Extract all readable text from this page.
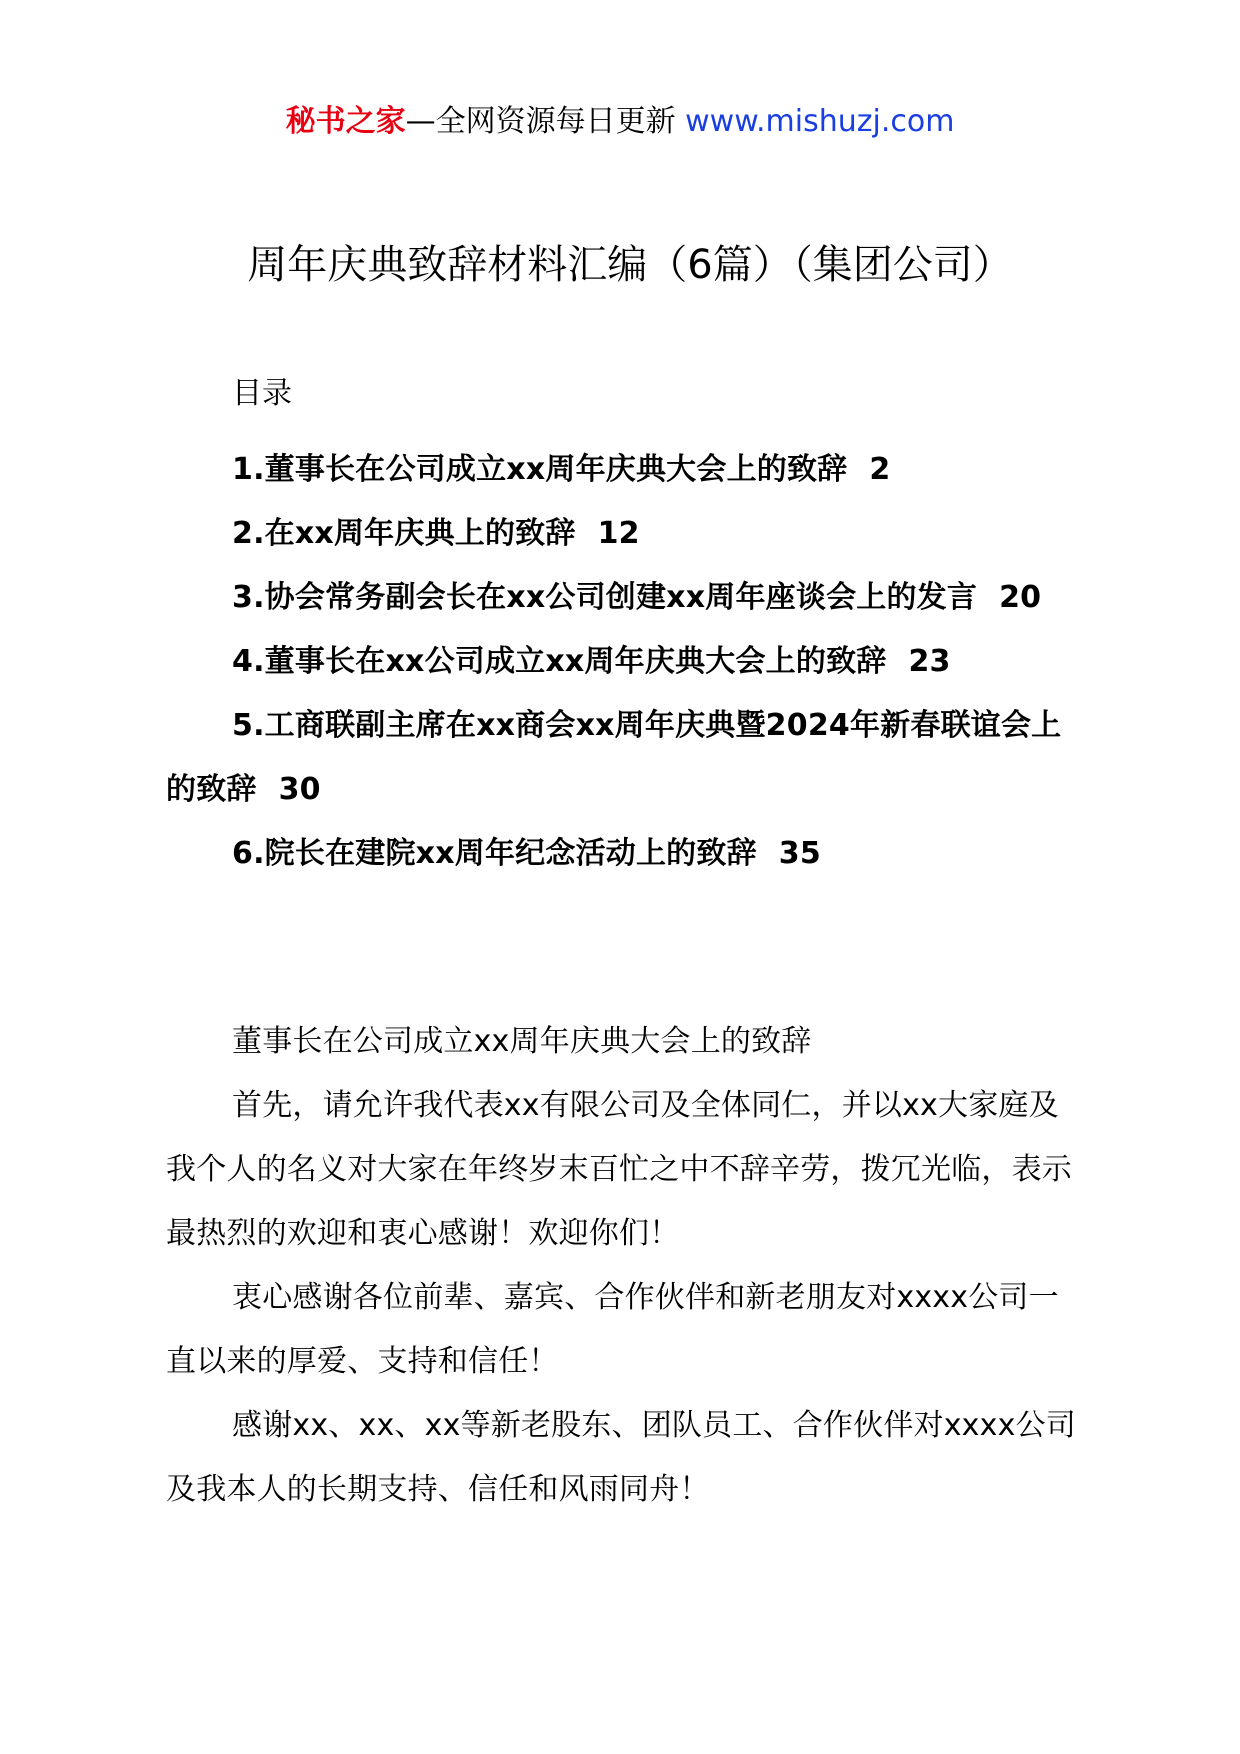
秘书之家—全网资源每日更新 www.mishuzj.com
周年庆典致辞材料汇编（6篇）（集团公司）
目录
1.董事长在公司成立xx周年庆典大会上的致辞 2
2.在xx周年庆典上的致辞 12
3.协会常务副会长在xx公司创建xx周年座谈会上的发言 20
4.董事长在xx公司成立xx周年庆典大会上的致辞 23
5.工商联副主席在xx商会xx周年庆典暨2024年新春联谊会上的致辞 30
6.院长在建院xx周年纪念活动上的致辞 35

董事长在公司成立xx周年庆典大会上的致辞

首先，请允许我代表xx有限公司及全体同仁，并以xx大家庭及我个人的名义对大家在年终岁末百忙之中不辞辛劳，拨冗光临，表示最热烈的欢迎和衷心感谢！欢迎你们！

衷心感谢各位前辈、嘉宾、合作伙伴和新老朋友对xxxx公司一直以来的厚爱、支持和信任！

感谢xx、xx、xx等新老股东、团队员工、合作伙伴对xxxx公司及我本人的长期支持、信任和风雨同舟！
